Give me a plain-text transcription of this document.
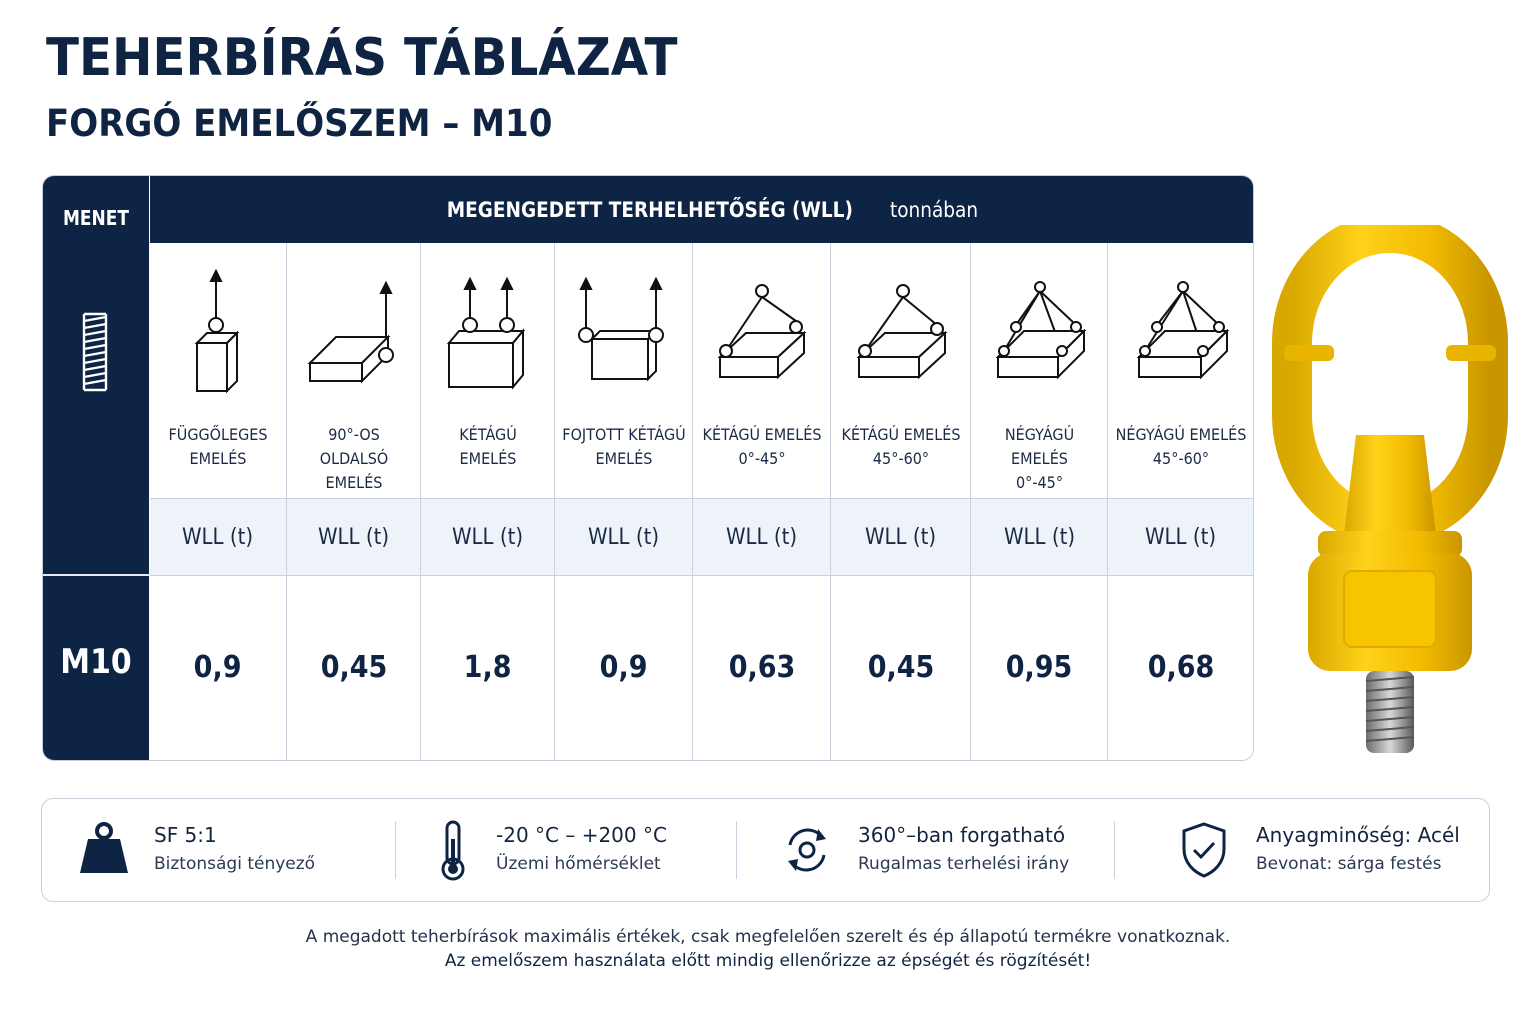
TEHERBÍRÁS TÁBLÁZAT
FORGÓ EMELŐSZEM – M10
MENET
M10
MEGENGEDETT TERHELHETŐSÉG (WLL) tonnában
FÜGGŐLEGES
EMELÉS
WLL (t)
0,9
90°-OS OLDALSÓ
EMELÉS
WLL (t)
0,45
KÉTÁGÚ
EMELÉS
WLL (t)
1,8
FOJTOTT KÉTÁGÚ
EMELÉS
WLL (t)
0,9
KÉTÁGÚ EMELÉS
0°-45°
WLL (t)
0,63
KÉTÁGÚ EMELÉS
45°-60°
WLL (t)
0,45
NÉGYÁGÚ EMELÉS
0°-45°
WLL (t)
0,95
NÉGYÁGÚ EMELÉS
45°-60°
WLL (t)
0,68
SF 5:1
Biztonsági tényező
-20 °C – +200 °C
Üzemi hőmérséklet
360°–ban forgatható
Rugalmas terhelési irány
Anyagminőség: Acél
Bevonat: sárga festés
A megadott teherbírások maximális értékek, csak megfelelően szerelt és ép állapotú termékre vonatkoznak.
Az emelőszem használata előtt mindig ellenőrizze az épségét és rögzítését!
